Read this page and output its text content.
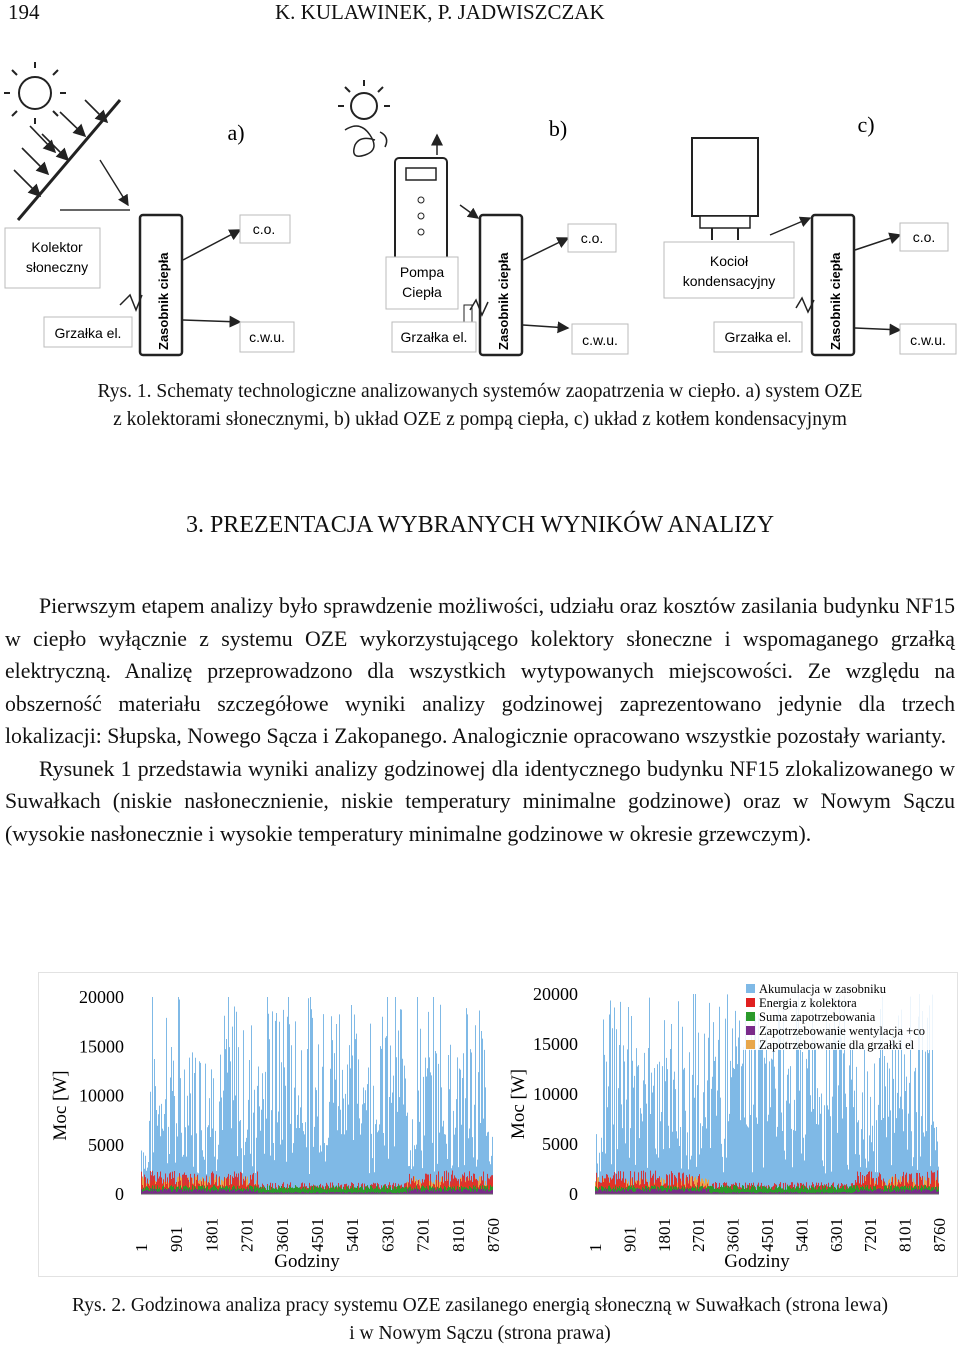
194	K. KULAWINEK, P. JADWISZCZAK
Kolektor
słoneczny	Zasobnik ciepła
Grzałka el.
c.o.
c.w.u.
a)
Pompa
Ciepła	Zasobnik ciepła
Grzałka el.
c.o.
c.w.u.
b)
Kocioł
kondensacyjny	Zasobnik ciepła
Grzałka el.
c.o.
c.w.u.
c)
Rys. 1. Schematy technologiczne analizowanych systemów zaopatrzenia w ciepło. a) system OZE
z kolektorami słonecznymi, b) układ OZE z pompą ciepła, c) układ z kotłem kondensacyjnym
3. PREZENTACJA WYBRANYCH WYNIKÓW ANALIZY

Pierwszym etapem analizy było sprawdzenie możliwości, udziału oraz kosztów zasilania budynku NF15 w ciepło wyłącznie z systemu OZE wykorzystującego kolektory słoneczne i wspomaganego grzałką elektryczną. Analizę przeprowadzono dla wszystkich wytypowanych miejscowości. Ze względu na obszerność materiału szczegółowe wyniki analizy godzinowej zaprezentowano jedynie dla trzech lokalizacji: Słupska, Nowego Sącza i Zakopanego. Analogicznie opracowano wszystkie pozostały warianty.

Rysunek 1 przedstawia wyniki analizy godzinowej dla identycznego budynku NF15 zlokalizowanego w Suwałkach (niskie nasłonecznienie, niskie temperatury minimalne godzinowe) oraz w Nowym Sączu (wysokie nasłonecznie i wysokie temperatury minimalne godzinowe w okresie grzewczym).

0
5000
10000
15000
20000
Moc [W]
1 901 1801 2701 3601 4501 5401 6301 7201 8101 8760
Godziny
0
5000
10000
15000
20000
Moc [W]
1 901 1801 2701 3601 4501 5401 6301 7201 8101 8760
Godziny
Akumulacja w zasobniku
Energia z kolektora
Suma zapotrzebowania
Zapotrzebowanie wentylacja +co
Zapotrzebowanie dla grzałki el
Rys. 2. Godzinowa analiza pracy systemu OZE zasilanego energią słoneczną w Suwałkach (strona lewa)
i w Nowym Sączu (strona prawa)
